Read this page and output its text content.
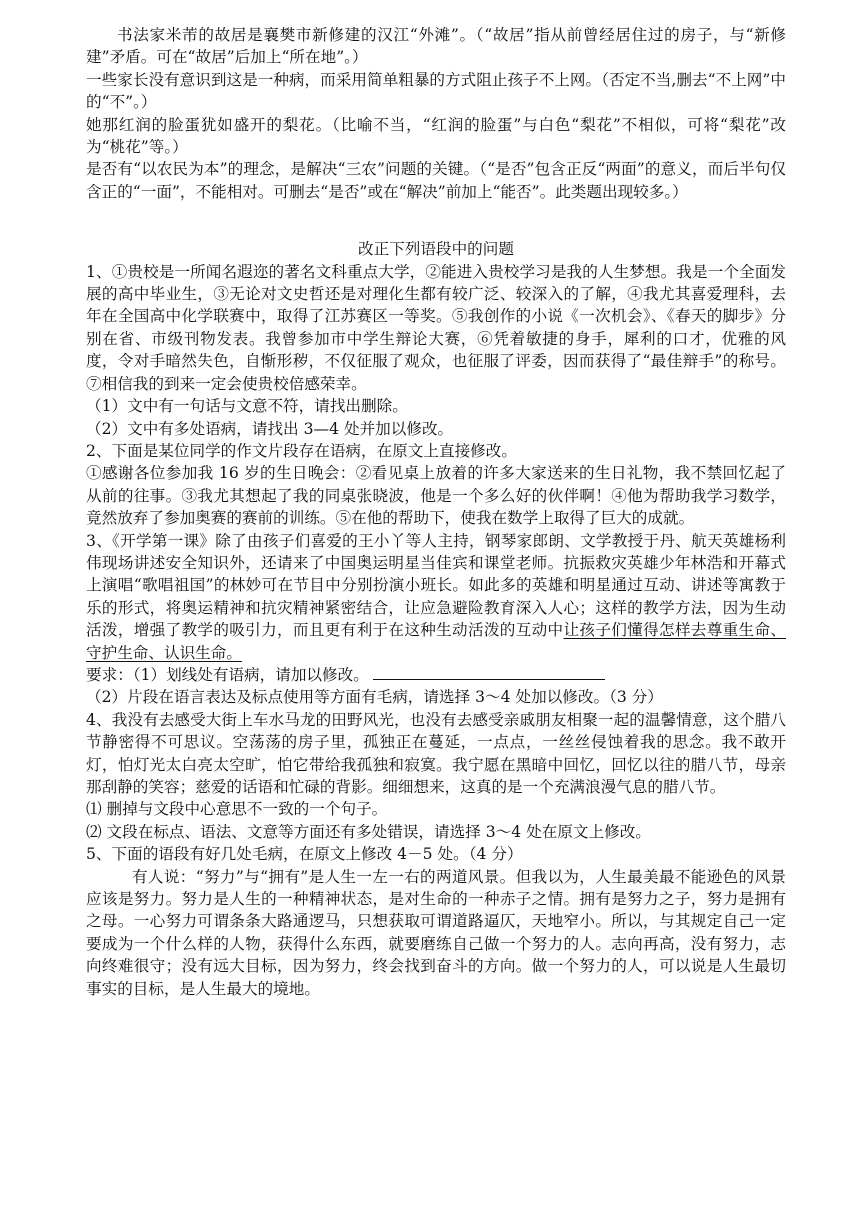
书法家米芾的故居是襄樊市新修建的汉江“外滩”。（“故居”指从前曾经居住过的房子，与“新修建”矛盾。可在“故居”后加上“所在地”。）

一些家长没有意识到这是一种病，而采用简单粗暴的方式阻止孩子不上网。（否定不当,删去“不上网”中的“不”。）

她那红润的脸蛋犹如盛开的梨花。（比喻不当，“红润的脸蛋”与白色“梨花”不相似，可将“梨花”改为“桃花”等。）

是否有“以农民为本”的理念，是解决“三农”问题的关键。（“是否”包含正反“两面”的意义，而后半句仅含正的“一面”，不能相对。可删去“是否”或在“解决”前加上“能否”。此类题出现较多。）

改正下列语段中的问题

1、①贵校是一所闻名遐迩的著名文科重点大学，②能进入贵校学习是我的人生梦想。我是一个全面发展的高中毕业生，③无论对文史哲还是对理化生都有较广泛、较深入的了解，④我尤其喜爱理科，去年在全国高中化学联赛中，取得了江苏赛区一等奖。⑤我创作的小说《一次机会》、《春天的脚步》分别在省、市级刊物发表。我曾参加市中学生辩论大赛，⑥凭着敏捷的身手，犀利的口才，优雅的风度，令对手暗然失色，自惭形秽，不仅征服了观众，也征服了评委，因而获得了“最佳辩手”的称号。⑦相信我的到来一定会使贵校倍感荣幸。

（1）文中有一句话与文意不符，请找出删除。

（2）文中有多处语病，请找出 3—4 处并加以修改。

2、下面是某位同学的作文片段存在语病，在原文上直接修改。

①感谢各位参加我 16 岁的生日晚会：②看见桌上放着的许多大家送来的生日礼物，我不禁回忆起了从前的往事。③我尤其想起了我的同桌张晓波，他是一个多么好的伙伴啊！④他为帮助我学习数学，竟然放弃了参加奥赛的赛前的训练。⑤在他的帮助下，使我在数学上取得了巨大的成就。

3、《开学第一课》除了由孩子们喜爱的王小丫等人主持，钢琴家郎朗、文学教授于丹、航天英雄杨利伟现场讲述安全知识外，还请来了中国奥运明星当佳宾和课堂老师。抗振救灾英雄少年林浩和开幕式上演唱“歌唱祖国”的林妙可在节目中分别扮演小班长。如此多的英雄和明星通过互动、讲述等寓教于乐的形式，将奥运精神和抗灾精神紧密结合，让应急避险教育深入人心；这样的教学方法，因为生动活泼，增强了教学的吸引力，而且更有利于在这种生动活泼的互动中让孩子们懂得怎样去尊重生命、守护生命、认识生命。

要求：（1）划线处有语病，请加以修改。

（2）片段在语言表达及标点使用等方面有毛病，请选择 3～4 处加以修改。（3 分）

4、我没有去感受大街上车水马龙的田野风光，也没有去感受亲戚朋友相聚一起的温馨情意，这个腊八节静密得不可思议。空荡荡的房子里，孤独正在蔓延，一点点，一丝丝侵蚀着我的思念。我不敢开灯，怕灯光太白亮太空旷，怕它带给我孤独和寂寞。我宁愿在黑暗中回忆，回忆以往的腊八节，母亲那刮静的笑容；慈爱的话语和忙碌的背影。细细想来，这真的是一个充满浪漫气息的腊八节。

⑴ 删掉与文段中心意思不一致的一个句子。

⑵ 文段在标点、语法、文意等方面还有多处错误，请选择 3～4 处在原文上修改。

5、下面的语段有好几处毛病，在原文上修改 4－5 处。（4 分）

有人说：“努力”与“拥有”是人生一左一右的两道风景。但我以为，人生最美最不能逊色的风景应该是努力。努力是人生的一种精神状态，是对生命的一种赤子之情。拥有是努力之子，努力是拥有之母。一心努力可谓条条大路通逻马，只想获取可谓道路逼仄，天地窄小。所以，与其规定自己一定要成为一个什么样的人物，获得什么东西，就要磨练自己做一个努力的人。志向再高，没有努力，志向终难很守；没有远大目标，因为努力，终会找到奋斗的方向。做一个努力的人，可以说是人生最切事实的目标，是人生最大的境地。
